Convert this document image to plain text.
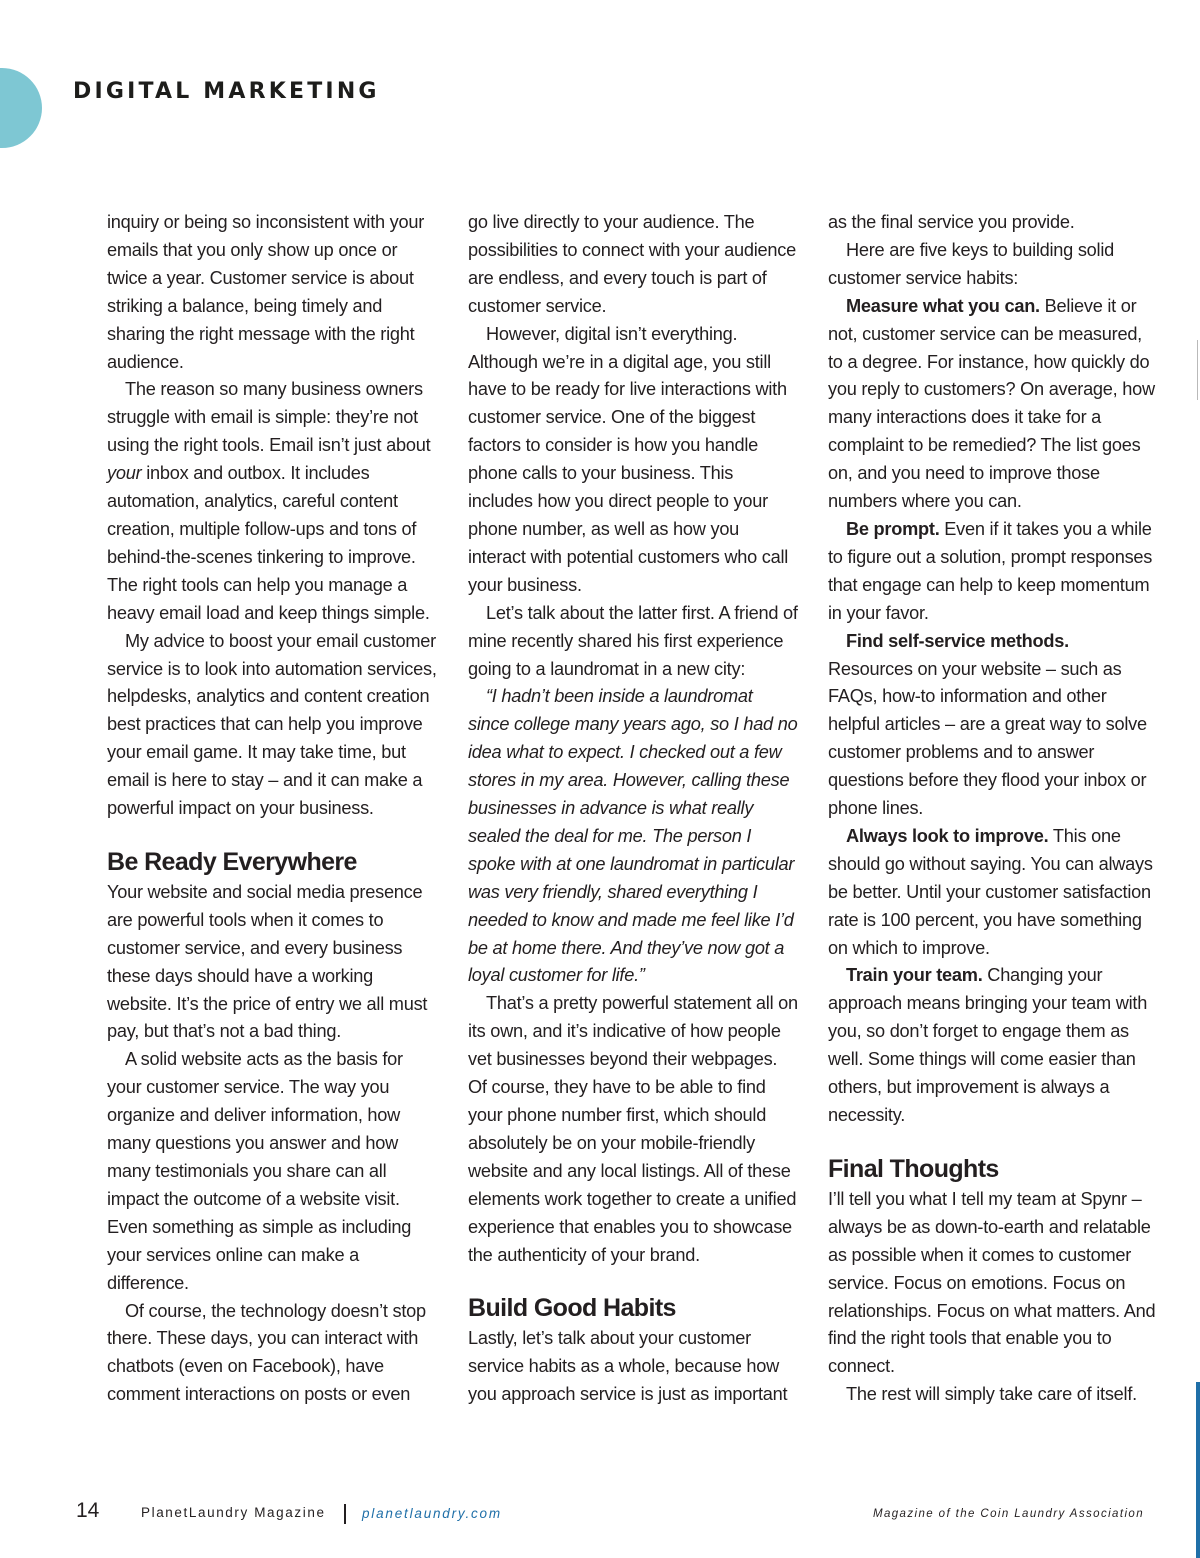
DIGITAL MARKETING

inquiry or being so inconsistent with your emails that you only show up once or twice a year. Customer service is about striking a balance, being timely and sharing the right message with the right audience.

The reason so many business owners struggle with email is simple: they’re not using the right tools. Email isn’t just about your inbox and outbox. It includes automation, analytics, careful content creation, multiple follow-ups and tons of behind-the-scenes tinkering to improve. The right tools can help you manage a heavy email load and keep things simple.

My advice to boost your email customer service is to look into automation services, helpdesks, analytics and content creation best practices that can help you improve your email game. It may take time, but email is here to stay – and it can make a powerful impact on your business.

Be Ready Everywhere

Your website and social media presence are powerful tools when it comes to customer service, and every business these days should have a working website. It’s the price of entry we all must pay, but that’s not a bad thing.

A solid website acts as the basis for your customer service. The way you organize and deliver information, how many questions you answer and how many testimonials you share can all impact the outcome of a website visit. Even something as simple as including your services online can make a difference.

Of course, the technology doesn’t stop there. These days, you can interact with chatbots (even on Facebook), have comment interactions on posts or even

go live directly to your audience. The possibilities to connect with your audience are endless, and every touch is part of customer service.

However, digital isn’t everything. Although we’re in a digital age, you still have to be ready for live interactions with customer service. One of the biggest factors to consider is how you handle phone calls to your business. This includes how you direct people to your phone number, as well as how you interact with potential customers who call your business.

Let’s talk about the latter first. A friend of mine recently shared his first experience going to a laundromat in a new city:

“I hadn’t been inside a laundromat since college many years ago, so I had no idea what to expect. I checked out a few stores in my area. However, calling these businesses in advance is what really sealed the deal for me. The person I spoke with at one laundromat in particular was very friendly, shared everything I needed to know and made me feel like I’d be at home there. And they’ve now got a loyal customer for life.”

That’s a pretty powerful statement all on its own, and it’s indicative of how people vet businesses beyond their webpages. Of course, they have to be able to find your phone number first, which should absolutely be on your mobile-friendly website and any local listings. All of these elements work together to create a unified experience that enables you to showcase the authenticity of your brand.

Build Good Habits

Lastly, let’s talk about your customer service habits as a whole, because how you approach service is just as important

as the final service you provide.

Here are five keys to building solid customer service habits:

Measure what you can. Believe it or not, customer service can be measured, to a degree. For instance, how quickly do you reply to customers? On average, how many interactions does it take for a complaint to be remedied? The list goes on, and you need to improve those numbers where you can.

Be prompt. Even if it takes you a while to figure out a solution, prompt responses that engage can help to keep momentum in your favor.

Find self-service methods. Resources on your website – such as FAQs, how-to information and other helpful articles – are a great way to solve customer problems and to answer questions before they flood your inbox or phone lines.

Always look to improve. This one should go without saying. You can always be better. Until your customer satisfaction rate is 100 percent, you have something on which to improve.

Train your team. Changing your approach means bringing your team with you, so don’t forget to engage them as well. Some things will come easier than others, but improvement is always a necessity.

Final Thoughts

I’ll tell you what I tell my team at Spynr – always be as down-to-earth and relatable as possible when it comes to customer service. Focus on emotions. Focus on relationships. Focus on what matters. And find the right tools that enable you to connect.

The rest will simply take care of itself.

14	PlanetLaundry Magazine	planetlaundry.com	Magazine of the Coin Laundry Association
